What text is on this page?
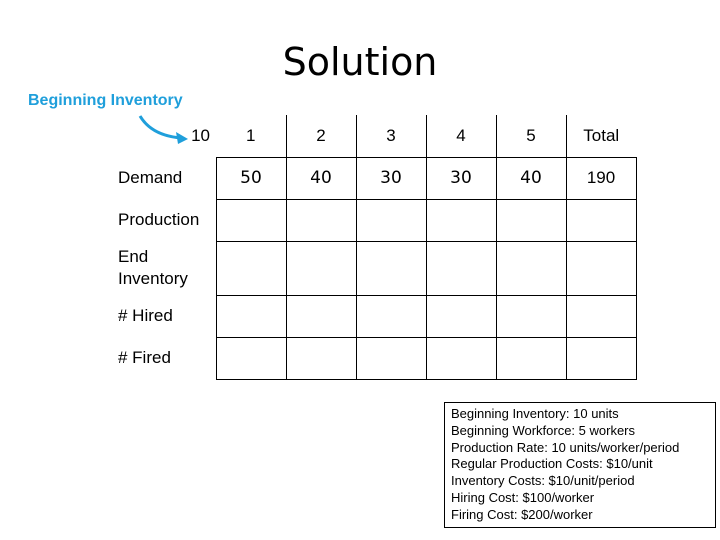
Solution
Beginning Inventory
10	1	2	3	4	5	Total
Demand	50	40	30	30	40	190
Production						

End Inventory						

# Hired						
# Fired						
Beginning Inventory: 10 units
Beginning Workforce: 5 workers
Production Rate: 10 units/worker/period
Regular Production Costs: $10/unit
Inventory Costs: $10/unit/period
Hiring Cost: $100/worker
Firing Cost: $200/worker
